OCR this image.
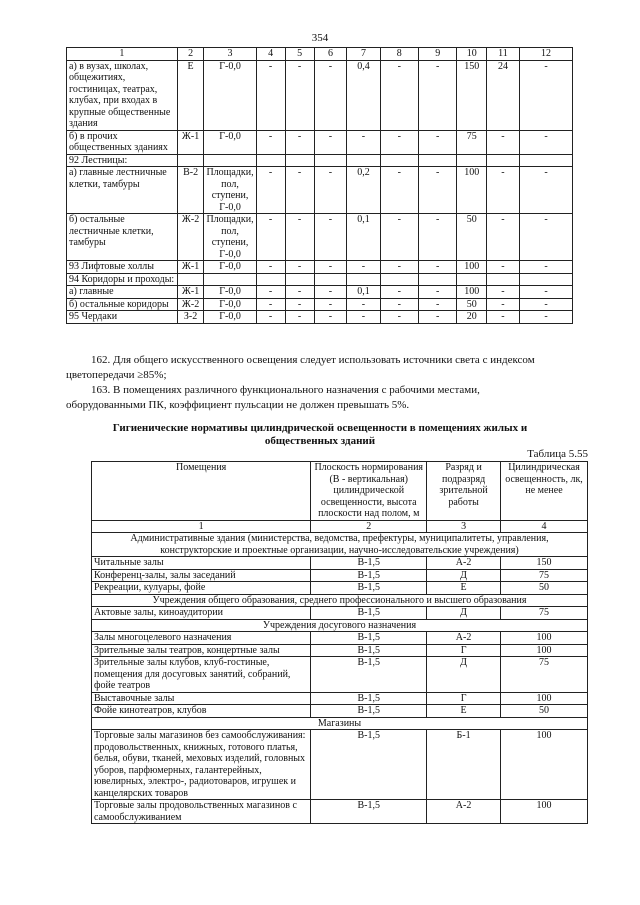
354
1	2	3	4	5	6	7	8	9	10	11	12
а) в вузах, школах, общежитиях, гостиницах, театрах, клубах, при входах в крупные общественные здания	Е	Г-0,0	-	-	-	0,4	-	-	150	24	-
б) в прочих общественных зданиях	Ж-1	Г-0,0	-	-	-	-	-	-	75	-	-
92 Лестницы:											
а) главные лестничные клетки, тамбуры	В-2	Площадки, пол, ступени, Г-0,0	-	-	-	0,2	-	-	100	-	-
б) остальные лестничные клетки, тамбуры	Ж-2	Площадки, пол, ступени, Г-0,0	-	-	-	0,1	-	-	50	-	-
93 Лифтовые холлы	Ж-1	Г-0,0	-	-	-	-	-	-	100	-	-
94 Коридоры и проходы:											
а) главные	Ж-1	Г-0,0	-	-	-	0,1	-	-	100	-	-
б) остальные коридоры	Ж-2	Г-0,0	-	-	-	-	-	-	50	-	-
95 Чердаки	З-2	Г-0,0	-	-	-	-	-	-	20	-	-
162. Для общего искусственного освещения следует использовать источники света с индексом
цветопередачи ≥85%;
163. В помещениях различного функционального назначения с рабочими местами,
оборудованными ПК, коэффициент пульсации не должен превышать 5%.
Гигиенические нормативы цилиндрической освещенности в помещениях жилых и
общественных зданий
Таблица 5.55
Помещения	Плоскость нормирования (В - вертикальная) цилиндрической освещенности, высота плоскости над полом, м	Разряд и подразряд зрительной работы	Цилиндрическая освещенность, лк, не менее
1	2	3	4
Административные здания (министерства, ведомства, префектуры, муниципалитеты, управления, конструкторские и проектные организации, научно-исследовательские учреждения)			
Читальные залы	В-1,5	А-2	150
Конференц-залы, залы заседаний	В-1,5	Д	75
Рекреации, кулуары, фойе	В-1,5	Е	50
Учреждения общего образования, среднего профессионального и высшего образования			
Актовые залы, киноаудитории	В-1,5	Д	75
Учреждения досугового назначения			
Залы многоцелевого назначения	В-1,5	А-2	100
Зрительные залы театров, концертные залы	В-1,5	Г	100
Зрительные залы клубов, клуб-гостиные, помещения для досуговых занятий, собраний, фойе театров	В-1,5	Д	75
Выставочные залы	В-1,5	Г	100
Фойе кинотеатров, клубов	В-1,5	Е	50
Магазины			
Торговые залы магазинов без самообслуживания: продовольственных, книжных, готового платья, белья, обуви, тканей, меховых изделий, головных уборов, парфюмерных, галантерейных, ювелирных, электро-, радиотоваров, игрушек и канцелярских товаров	В-1,5	Б-1	100
Торговые залы продовольственных магазинов с самообслуживанием	В-1,5	А-2	100
